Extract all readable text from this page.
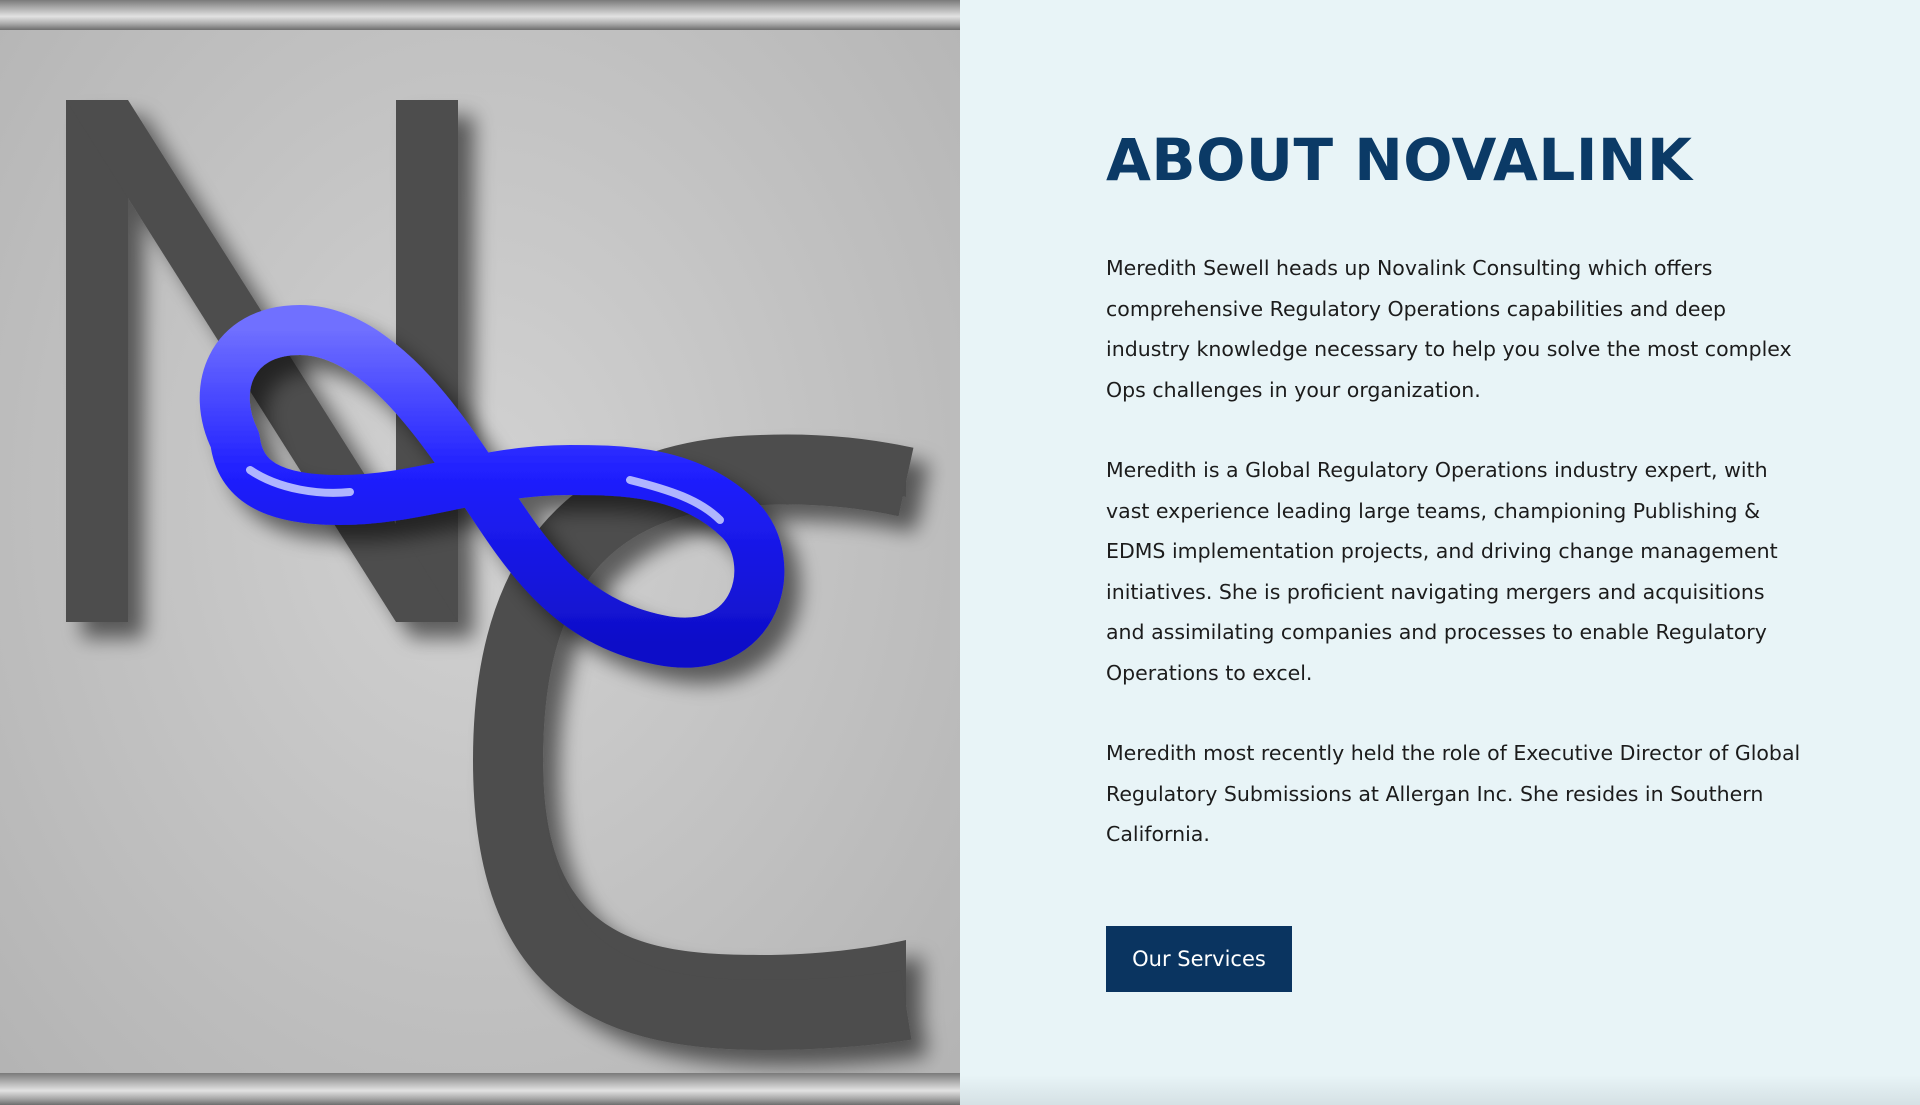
ABOUT NOVALINK

Meredith Sewell heads up Novalink Consulting which offers comprehensive Regulatory Operations capabilities and deep industry knowledge necessary to help you solve the most complex Ops challenges in your organization.

Meredith is a Global Regulatory Operations industry expert, with vast experience leading large teams, championing Publishing & EDMS implementation projects, and driving change management initiatives. She is proficient navigating mergers and acquisitions and assimilating companies and processes to enable Regulatory Operations to excel.

Meredith most recently held the role of Executive Director of Global Regulatory Submissions at Allergan Inc. She resides in Southern California.

Our Services
